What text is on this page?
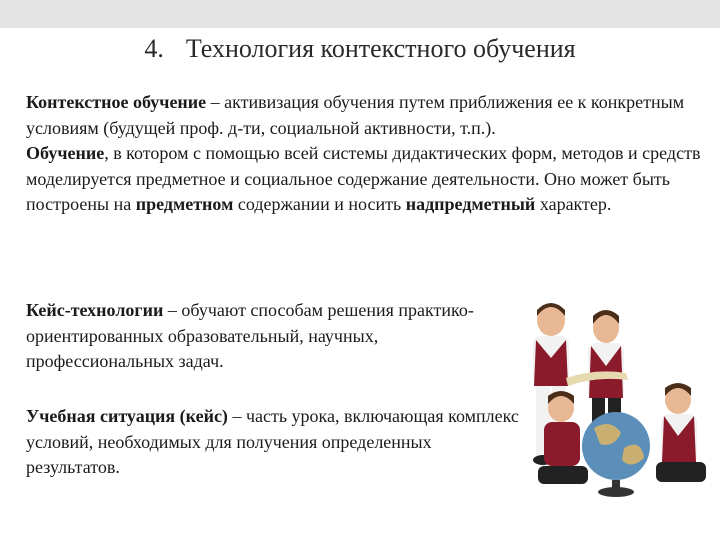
4. Технология контекстного обучения
Контекстное обучение – активизация обучения путем приближения ее к конкретным условиям (будущей проф. д-ти, социальной активности, т.п.).
Обучение, в котором с помощью всей системы дидактических форм, методов и средств моделируется предметное и социальное содержание деятельности. Оно может быть построены на предметном содержании и носить надпредметный характер.
Кейс-технологии – обучают способам решения практико-ориентированных образовательный, научных, профессиональных задач.
Учебная ситуация (кейс) – часть урока, включающая комплекс условий, необходимых для получения определенных результатов.
